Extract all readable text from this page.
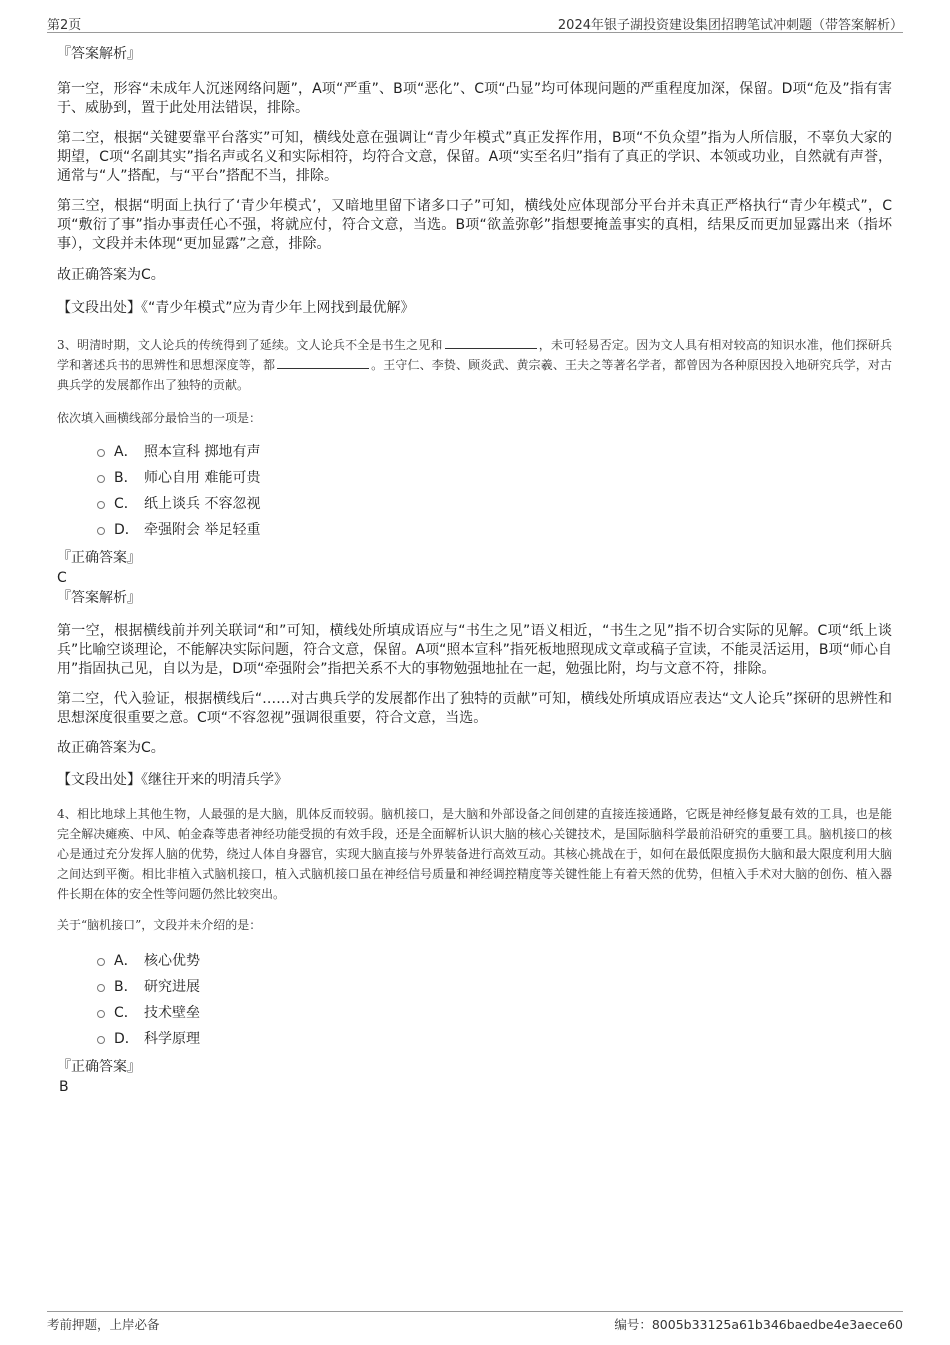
第2页	2024年银子湖投资建设集团招聘笔试冲刺题（带答案解析）

『答案解析』

第一空，形容“未成年人沉迷网络问题”，A项“严重”、B项“恶化”、C项“凸显”均可体现问题的严重程度加深，保留。D项“危及”指有害于、威胁到，置于此处用法错误，排除。

第二空，根据“关键要靠平台落实”可知，横线处意在强调让“青少年模式”真正发挥作用，B项“不负众望”指为人所信服，不辜负大家的期望，C项“名副其实”指名声或名义和实际相符，均符合文意，保留。A项“实至名归”指有了真正的学识、本领或功业，自然就有声誉，通常与“人”搭配，与“平台”搭配不当，排除。

第三空，根据“明面上执行了‘青少年模式’，又暗地里留下诸多口子”可知，横线处应体现部分平台并未真正严格执行“青少年模式”，C项“敷衍了事”指办事责任心不强，将就应付，符合文意，当选。B项“欲盖弥彰”指想要掩盖事实的真相，结果反而更加显露出来（指坏事），文段并未体现“更加显露”之意，排除。

故正确答案为C。

【文段出处】《“青少年模式”应为青少年上网找到最优解》

3、明清时期，文人论兵的传统得到了延续。文人论兵不全是书生之见和	，未可轻易否定。因为文人具有相对较高的知识水准，他们探研兵学和著述兵书的思辨性和思想深度等，都	。王守仁、李贽、顾炎武、黄宗羲、王夫之等著名学者，都曾因为各种原因投入地研究兵学，对古典兵学的发展都作出了独特的贡献。

依次填入画横线部分最恰当的一项是：

A． 照本宣科 掷地有声
B． 师心自用 难能可贵
C． 纸上谈兵 不容忽视
D． 牵强附会 举足轻重

『正确答案』

C

『答案解析』

第一空，根据横线前并列关联词“和”可知，横线处所填成语应与“书生之见”语义相近，“书生之见”指不切合实际的见解。C项“纸上谈兵”比喻空谈理论，不能解决实际问题，符合文意，保留。A项“照本宣科”指死板地照现成文章或稿子宣读，不能灵活运用，B项“师心自用”指固执己见，自以为是，D项“牵强附会”指把关系不大的事物勉强地扯在一起，勉强比附，均与文意不符，排除。

第二空，代入验证，根据横线后“……对古典兵学的发展都作出了独特的贡献”可知，横线处所填成语应表达“文人论兵”探研的思辨性和思想深度很重要之意。C项“不容忽视”强调很重要，符合文意，当选。

故正确答案为C。

【文段出处】《继往开来的明清兵学》

4、相比地球上其他生物，人最强的是大脑，肌体反而较弱。脑机接口，是大脑和外部设备之间创建的直接连接通路，它既是神经修复最有效的工具，也是能完全解决瘫痪、中风、帕金森等患者神经功能受损的有效手段，还是全面解析认识大脑的核心关键技术，是国际脑科学最前沿研究的重要工具。脑机接口的核心是通过充分发挥人脑的优势，绕过人体自身器官，实现大脑直接与外界装备进行高效互动。其核心挑战在于，如何在最低限度损伤大脑和最大限度利用大脑之间达到平衡。相比非植入式脑机接口，植入式脑机接口虽在神经信号质量和神经调控精度等关键性能上有着天然的优势，但植入手术对大脑的创伤、植入器件长期在体的安全性等问题仍然比较突出。

关于“脑机接口”，文段并未介绍的是：

A． 核心优势
B． 研究进展
C． 技术壁垒
D． 科学原理

『正确答案』

B

考前押题，上岸必备	编号：8005b33125a61b346baedbe4e3aece60
